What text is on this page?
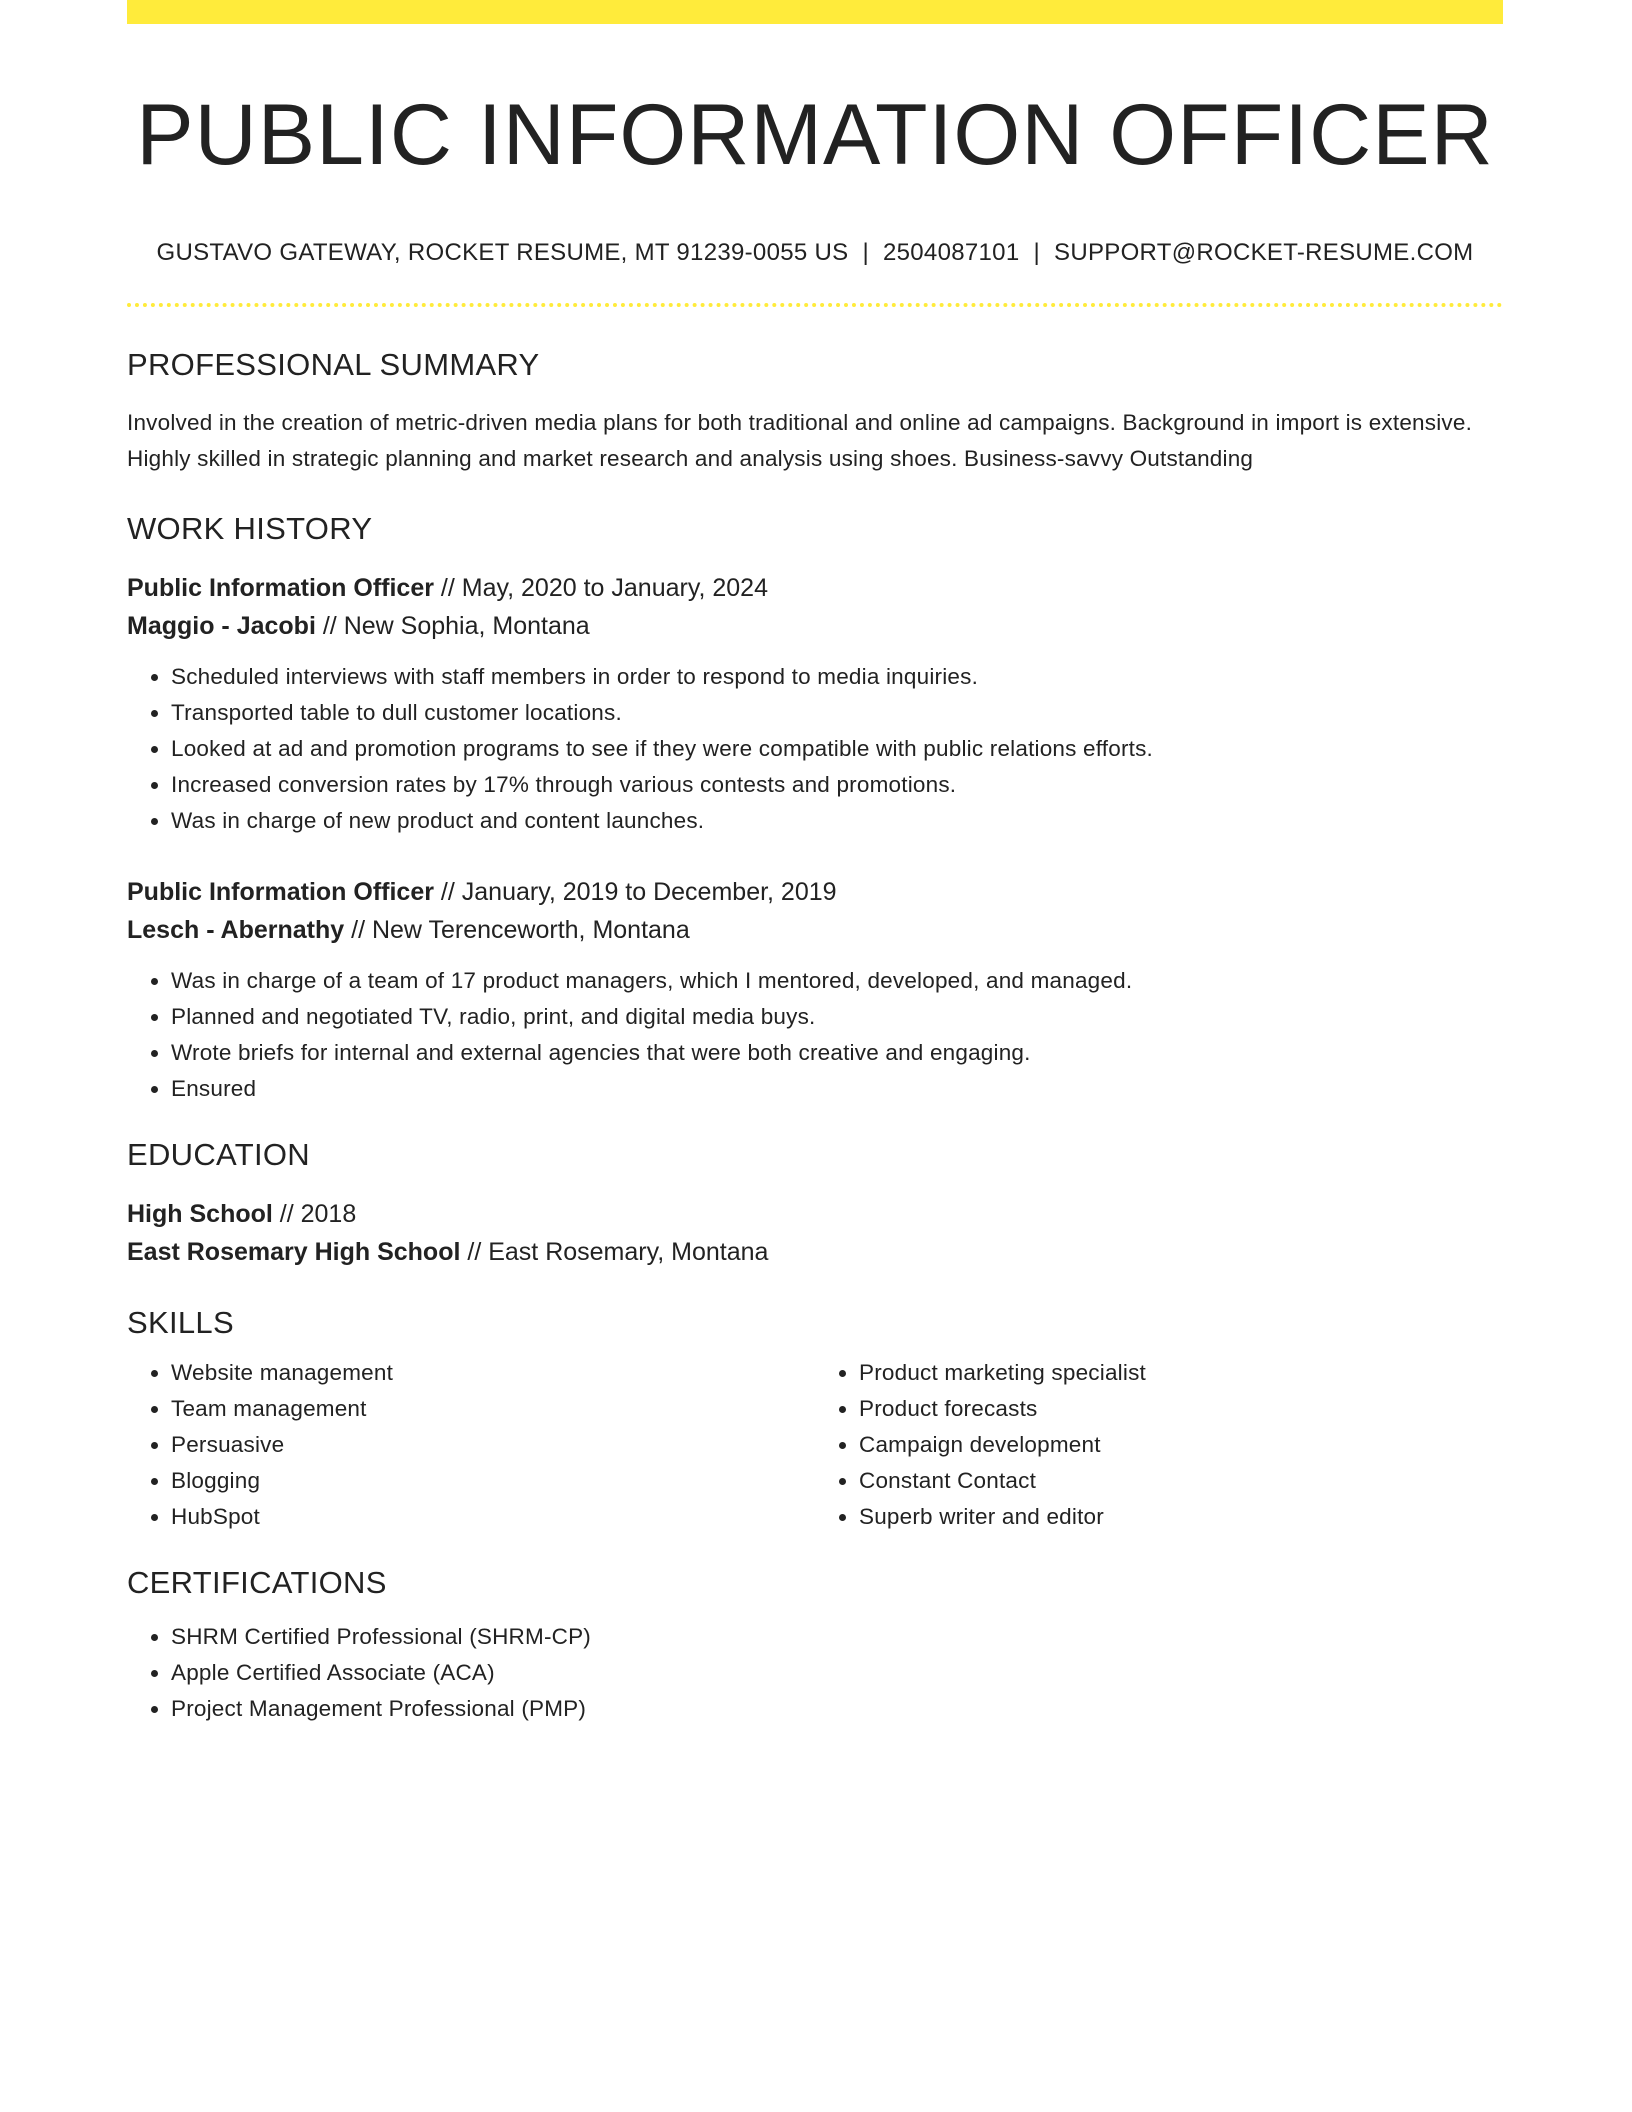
PUBLIC INFORMATION OFFICER
GUSTAVO GATEWAY, ROCKET RESUME, MT 91239-0055 US | 2504087101 | SUPPORT@ROCKET-RESUME.COM
PROFESSIONAL SUMMARY
Involved in the creation of metric-driven media plans for both traditional and online ad campaigns. Background in import is extensive. Highly skilled in strategic planning and market research and analysis using shoes. Business-savvy Outstanding
WORK HISTORY
Public Information Officer // May, 2020 to January, 2024
Maggio - Jacobi // New Sophia, Montana
• Scheduled interviews with staff members in order to respond to media inquiries.
• Transported table to dull customer locations.
• Looked at ad and promotion programs to see if they were compatible with public relations efforts.
• Increased conversion rates by 17% through various contests and promotions.
• Was in charge of new product and content launches.
Public Information Officer // January, 2019 to December, 2019
Lesch - Abernathy // New Terenceworth, Montana
• Was in charge of a team of 17 product managers, which I mentored, developed, and managed.
• Planned and negotiated TV, radio, print, and digital media buys.
• Wrote briefs for internal and external agencies that were both creative and engaging.
• Ensured
EDUCATION
High School // 2018
East Rosemary High School // East Rosemary, Montana
SKILLS
• Website management
• Team management
• Persuasive
• Blogging
• HubSpot
• Product marketing specialist
• Product forecasts
• Campaign development
• Constant Contact
• Superb writer and editor
CERTIFICATIONS
• SHRM Certified Professional (SHRM-CP)
• Apple Certified Associate (ACA)
• Project Management Professional (PMP)
